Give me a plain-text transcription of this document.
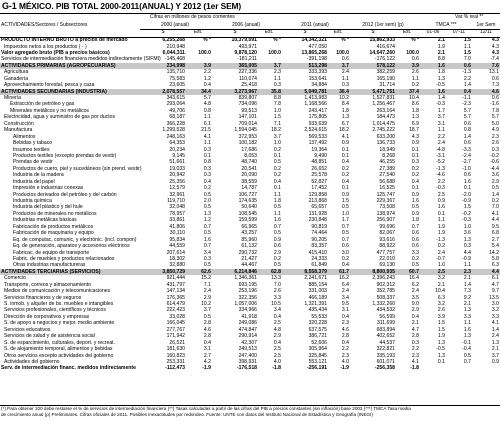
G-1 MÉXICO. PIB TOTAL 2000-2011(ANUAL) Y 2012 (1er SEM)
Cifras en millones de pesos corrientes	Var % real **
ACTIVIDADES/Sectores / Subsectores	2000 (anual)	2006 (anual)	2011 (anual)	2012 (1er sem) (p)	TMCA ***	1er Sem
$	Est.	$	Est.	$	Est.	$	Est.	01-06	07-11	12/11
PRODUCTO INTERNO BRUTO a precios de mercado	6,255,268	% *	10,379,091	% *	14,342,321	% *	15,862,933	% *	2.1	1.5	4.3
Impuestos netos a los productos ( - )	210,948		493,971		477,050		416,674		1.9	1.1	4.3
Valor agregado bruto (PIB a precios básicos)	6,044,311	100.0	9,878,120	100.0	13,865,268	100.0	14,647,260	100.0	2.1	1.5	4.3
Servicios de intermediación financiera medidos indirectamente (SIFMI)	-145,468		-181,211		-391,198	0.6	-176,122	0.6	8.8	7.0	-7.4
ACTIVIDADES PRIMARIAS (AGROPECUARIAS)	234,998	3.9	365,005	3.7	513,298	3.7	578,122	3.9	1.6	0.6	7.6
Agricultura	135,710	2.2	227,336	2.3	333,393	2.4	382,259	2.6	1.8	-1.3	13.1
Ganadería	75,583	1.2	110,074	1.1	153,641	1.1	165,190	1.1	1.3	2.2	0.6
Aprovechamiento forestal, pesca y caza	23,605	0.4	25,418	0.3	34,884	0.3	31,714	0.2	-0.5	1.4	7.3
ACTIVIDADES SECUNDARIAS (INDUSTRIA)	2,078,557	34.4	3,273,967	35.8	5,049,781	36.4	5,471,751	37.4	1.6	0.4	4.6
Minería	343,615	5.7	839,807	8.8	1,413,983	10.2	1,527,831	10.4	1.4	-1.1	0.6
Extracción de petróleo y gas	293,064	4.8	734,096	7.8	1,168,566	8.4	1,256,467	8.6	-0.3	-2.3	-1.6
Minerales metálicos y no metálicos	49,706	0.8	99,513	1.0	243,417	1.8	263,164	1.8	1.7	5.7	7.8
Electricidad, agua y suministro de gas por ductos	68,187	1.1	147,101	1.5	175,805	1.3	184,473	1.3	3.7	5.7	5.7
Construcción	366,228	6.1	709,014	7.1	933,639	6.7	1,014,475	6.9	3.1	0.6	5.0
Manufactura	1,299,528	21.5	1,594,045	18.2	2,524,615	18.2	2,745,222	18.7	1.1	0.8	4.9
Alimentos	248,163	4.1	372,953	3.7	569,533	4.1	633,200	4.3	2.2	1.4	2.3
Bebidas y tabaco	64,353	1.1	100,182	1.0	137,492	0.9	136,733	0.9	2.4	0.6	2.6
Insumos textiles	20,234	0.3	17,686	0.2	19,364	0.1	18,949	0.1	-4.8	-3.3	0.3
Productos textiles (excepto prendas de vestir)	9,145	0.1	8,053	0.1	9,490	0.1	8,268	0.1	-3.1	-2.4	-0.2
Prendas de vestir	51,661	0.8	48,740	0.5	48,851	0.4	46,255	0.3	-5.2	-2.7	-0.6
Productos de cuero, piel y sucedáneos (sin prend. vestir)	19,033	0.3	20,541	0.2	26,652	0.2	27,389	0.2	-1.3	-1.0	-4.4
Industria de la madera	20,942	0.3	20,090	0.2	25,578	0.2	27,540	0.2	-4.6	0.6	3.6
Industria del papel	25,356	0.4	38,559	0.4	52,827	0.4	56,688	0.4	2.2	1.6	2.9
Impresión e industrias conexas	12,579	0.2	14,787	0.1	17,452	0.1	16,525	0.1	-0.3	0.1	0.5
Productos derivados del petróleo y del carbón	32,961	0.5	106,727	1.1	129,858	0.9	125,747	0.9	2.5	-2.0	1.4
Industria química	119,710	2.0	174,635	1.8	213,868	1.5	229,367	1.6	0.9	-0.9	0.2
Industria del plástico y del hule	32,048	0.5	50,640	0.5	65,657	0.5	73,508	0.5	1.6	1.5	7.0
Productos de minerales no metálicos	78,957	1.3	108,545	1.1	131,928	1.0	138,974	0.9	0.1	-0.2	4.1
Industrias metálicas básicas	33,861	1.2	159,599	1.6	230,848	1.7	256,907	1.8	1.1	-0.3	4.4
Fabricación de productos metálicos	41,806	0.7	66,965	0.7	90,819	0.7	99,696	0.7	1.9	1.0	9.5
Fabricación de maquinaria y equipo	30,110	0.5	43,257	0.5	74,464	0.5	82,067	0.6	1.9	3.6	6.8
Eq. de computac, comunic, y electrónic. (incl. compon)	95,834	1.6	85,960	0.9	90,205	0.7	93,616	0.6	-1.3	1.3	2.7
Eq. de generación, aparatos y accesorios eléctricos	44,559	0.7	61,132	0.6	83,357	0.6	88,922	0.6	0.2	0.3	5.4
Fabricac. de equipo de transporte	207,614	3.4	290,732	2.9	415,410	3.0	477,757	3.3	2.4	4.4	14.2
Fabric. de muebles y productos relacionados	18,302	0.3	21,427	0.2	24,333	0.2	22,010	0.2	-0.7	-0.9	5.8
Otras industrias manufactureras	32,880	0.5	44,467	0.5	61,849	0.4	69,130	0.5	1.0	1.1	6.3
ACTIVIDADES TERCIARIAS (SERVICIOS)	3,850,729	62.6	6,214,846	62.8	8,558,379	61.7	8,800,935	60.7	2.5	2.3	4.4
Comercio	921,444	15.2	1,346,361	13.3	2,241,671	16.2	2,396,243	16.4	3.2	2.1	6.1
Transporte, correos y almacenamiento	431,797	7.1	693,195	7.0	885,154	6.4	902,312	6.2	2.1	1.4	4.7
Medios de comunicación y telecomunicaciones	147,134	2.4	253,196	2.6	331,003	2.4	352,785	2.4	10.4	7.3	9.7
Servicios financieros y de seguros	176,365	2.9	322,356	3.3	466,189	3.4	508,337	3.5	6.3	9.2	13.5
S. inmob. y alquiler de bs. muebles e intangibles	614,479	10.2	1,057,006	10.5	1,321,391	9.5	1,332,260	9.0	3.2	2.1	3.0
Servicios profesionales, científicos y técnicos	222,423	3.7	334,966	3.4	435,434	3.1	434,532	2.9	2.6	1.3	3.2
Dirección de corporativos y empresas	33,028	0.5	41,918	0.4	55,533	0.4	56,599	0.4	3.9	3.3	3.3
S. de apoyo a negocios y mejor. medio ambiente	166,045	2.8	249,086	2.5	320,228	2.3	311,699	2.1	1.5	1.1	4.1
Servicios educativos	277,767	4.6	474,847	4.8	637,575	4.6	683,894	4.7	1.5	1.6	1.4
Servicios de salud y de asistencia social	171,942	2.8	290,914	2.9	386,721	2.8	402,652	2.8	1.9	1.3	2.4
S. de esparcimiento, culturales, deport. y recreat.	26,521	0.4	42,307	0.4	52,606	0.4	44,537	0.3	1.3	-0.1	1.3
S. de alojamiento temporal, alimentos y bebidas	181,630	3.1	249,513	2.5	305,964	2.2	322,821	2.2	-0.5	-0.4	2.1
Otros servicios excepto actividades del gobierno	160,823	2.7	247,400	2.5	325,845	2.3	335,193	2.3	1.3	0.5	3.7
Actividades del gobierno	253,331	4.2	398,931	4.0	553,121	4.0	601,071	4.1	0.1	0.7	0.9
Serv. de intermediación financ. medidos indirectamente	-112,473	-1.9	-176,518	-1.8	-256,191	-1.9	-256,358	-1.8			
(*) Para obtener 100 debe restarse el % de servicios de intermediación financiera (**) Tasas calculadas a partir de las cifras del PIB a precios constantes (sin inflación) base 2003 (***) TMCA Tasa media
de crecimiento anual (p) Preliminares. Cifras oficiales de 2011. Posibles inexactitudes por redondeo. Fuente: UNTE con datos del Instituto Nacional de Estadística y Geografía (INEGI)
